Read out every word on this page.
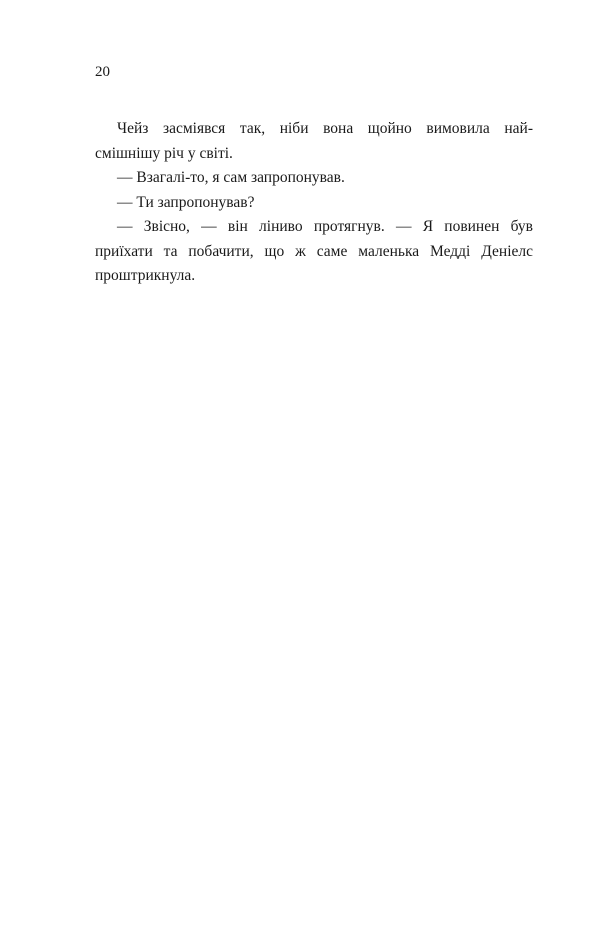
20
Чейз засміявся так, ніби вона щойно вимовила най-
смішнішу річ у світі.
— Взагалі-то, я сам запропонував.
— Ти запропонував?
— Звісно, — він ліниво протягнув. — Я повинен був
приїхати та побачити, що ж саме маленька Медді Деніелс
проштрикнула.
